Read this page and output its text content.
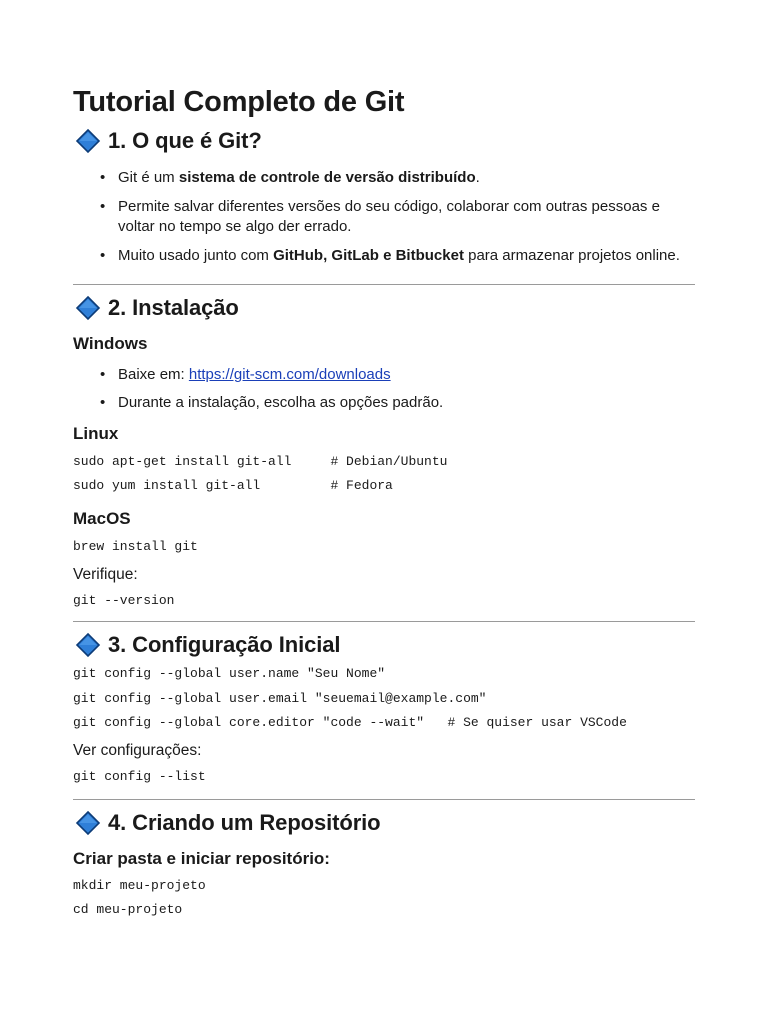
Tutorial Completo de Git
1. O que é Git?
• Git é um sistema de controle de versão distribuído.
• Permite salvar diferentes versões do seu código, colaborar com outras pessoas e voltar no tempo se algo der errado.
• Muito usado junto com GitHub, GitLab e Bitbucket para armazenar projetos online.
2. Instalação
Windows
• Baixe em: https://git-scm.com/downloads
• Durante a instalação, escolha as opções padrão.
Linux
sudo apt-get install git-all     # Debian/Ubuntu
sudo yum install git-all         # Fedora
MacOS
brew install git
Verifique:
git --version
3. Configuração Inicial
git config --global user.name "Seu Nome"
git config --global user.email "seuemail@example.com"
git config --global core.editor "code --wait"   # Se quiser usar VSCode
Ver configurações:
git config --list
4. Criando um Repositório
Criar pasta e iniciar repositório:
mkdir meu-projeto
cd meu-projeto
